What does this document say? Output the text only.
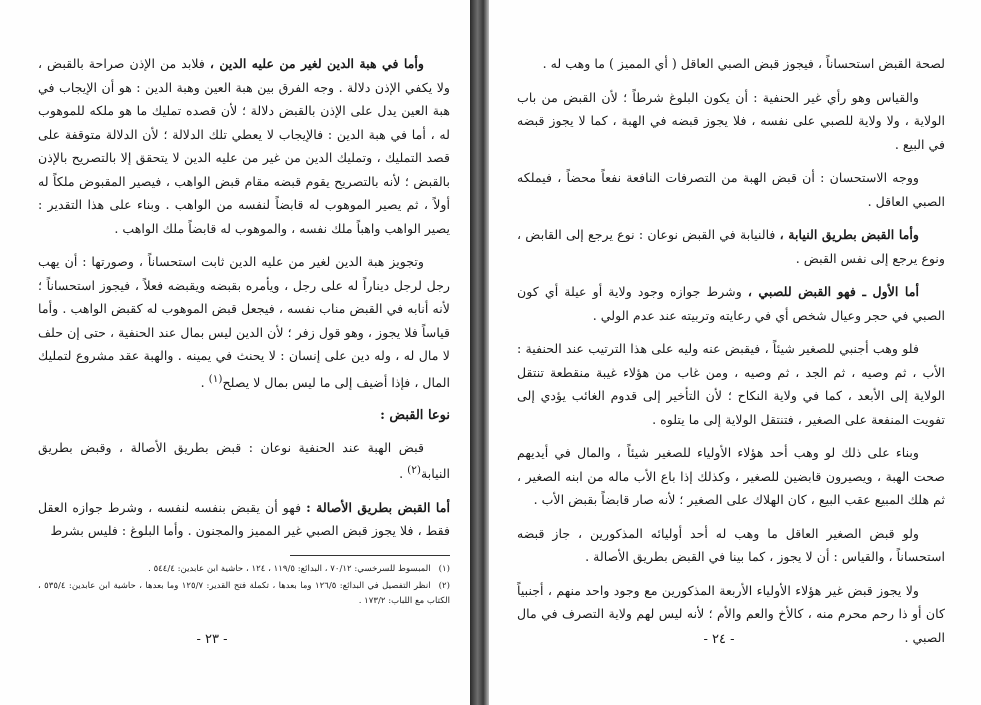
وأما في هبة الدين لغير من عليه الدين ، فلابد من الإذن صراحة بالقبض ، ولا يكفي الإذن دلالة . وجه الفرق بين هبة العين وهبة الدين : هو أن الإيجاب في هبة العين يدل على الإذن بالقبض دلالة ؛ لأن قصده تمليك ما هو ملكه للموهوب له ، أما في هبة الدين : فالإيجاب لا يعطي تلك الدلالة ؛ لأن الدلالة متوقفة على قصد التمليك ، وتمليك الدين من غير من عليه الدين لا يتحقق إلا بالتصريح بالإذن بالقبض ؛ لأنه بالتصريح يقوم قبضه مقام قبض الواهب ، فيصير المقبوض ملكاً له أولاً ، ثم يصير الموهوب له قابضاً لنفسه من الواهب . وبناء على هذا التقدير : يصير الواهب واهباً ملك نفسه ، والموهوب له قابضاً ملك الواهب .

وتجويز هبة الدين لغير من عليه الدين ثابت استحساناً ، وصورتها : أن يهب رجل لرجل ديناراً له على رجل ، ويأمره بقبضه ويقبضه فعلاً ، فيجوز استحساناً ؛ لأنه أنابه في القبض مناب نفسه ، فيجعل قبض الموهوب له كقبض الواهب . وأما قياساً فلا يجوز ، وهو قول زفر ؛ لأن الدين ليس بمال عند الحنفية ، حتى إن حلف لا مال له ، وله دين على إنسان : لا يحنث في يمينه . والهبة عقد مشروع لتمليك المال ، فإذا أضيف إلى ما ليس بمال لا يصلح$^{(١)}$ .

نوعا القبض :

قبض الهبة عند الحنفية نوعان : قبض بطريق الأصالة ، وقبض بطريق النيابة$^{(٢)}$ .

أما القبض بطريق الأصالة : فهو أن يقبض بنفسه لنفسه ، وشرط جوازه العقل فقط ، فلا يجوز قبض الصبي غير المميز والمجنون . وأما البلوغ : فليس بشرط

(١)المبسوط للسرخسي: ٧٠/١٢ ، البدائع: ١١٩/٥ ، ١٢٤ ، حاشية ابن عابدين: ٥٤٤/٤ .

(٢)انظر التفصيل في البدائع: ١٢٦/٥ وما بعدها ، تكملة فتح القدير: ١٢٥/٧ وما بعدها ، حاشية ابن عابدين: ٥٣٥/٤ ، الكتاب مع اللباب: ١٧٣/٢ .

- ٢٣ -

لصحة القبض استحساناً ، فيجوز قبض الصبي العاقل ( أي المميز ) ما وهب له .

والقياس وهو رأي غير الحنفية : أن يكون البلوغ شرطاً ؛ لأن القبض من باب الولاية ، ولا ولاية للصبي على نفسه ، فلا يجوز قبضه في الهبة ، كما لا يجوز قبضه في البيع .

ووجه الاستحسان : أن قبض الهبة من التصرفات النافعة نفعاً محضاً ، فيملكه الصبي العاقل .

وأما القبض بطريق النيابة ، فالنيابة في القبض نوعان : نوع يرجع إلى القابض ، ونوع يرجع إلى نفس القبض .

أما الأول ـ فهو القبض للصبي ، وشرط جوازه وجود ولاية أو عيلة أي كون الصبي في حجر وعيال شخص أي في رعايته وتربيته عند عدم الولي .

فلو وهب أجنبي للصغير شيئاً ، فيقبض عنه وليه على هذا الترتيب عند الحنفية : الأب ، ثم وصيه ، ثم الجد ، ثم وصيه ، ومن غاب من هؤلاء غيبة منقطعة تنتقل الولاية إلى الأبعد ، كما في ولاية النكاح ؛ لأن التأخير إلى قدوم الغائب يؤدي إلى تفويت المنفعة على الصغير ، فتنتقل الولاية إلى ما يتلوه .

وبناء على ذلك لو وهب أحد هؤلاء الأولياء للصغير شيئاً ، والمال في أيديهم صحت الهبة ، ويصيرون قابضين للصغير ، وكذلك إذا باع الأب ماله من ابنه الصغير ، ثم هلك المبيع عقب البيع ، كان الهلاك على الصغير ؛ لأنه صار قابضاً بقبض الأب .

ولو قبض الصغير العاقل ما وهب له أحد أوليائه المذكورين ، جاز قبضه استحساناً ، والقياس : أن لا يجوز ، كما بينا في القبض بطريق الأصالة .

ولا يجوز قبض غير هؤلاء الأولياء الأربعة المذكورين مع وجود واحد منهم ، أجنبياً كان أو ذا رحم محرم منه ، كالأخ والعم والأم ؛ لأنه ليس لهم ولاية التصرف في مال الصبي .

- ٢٤ -
